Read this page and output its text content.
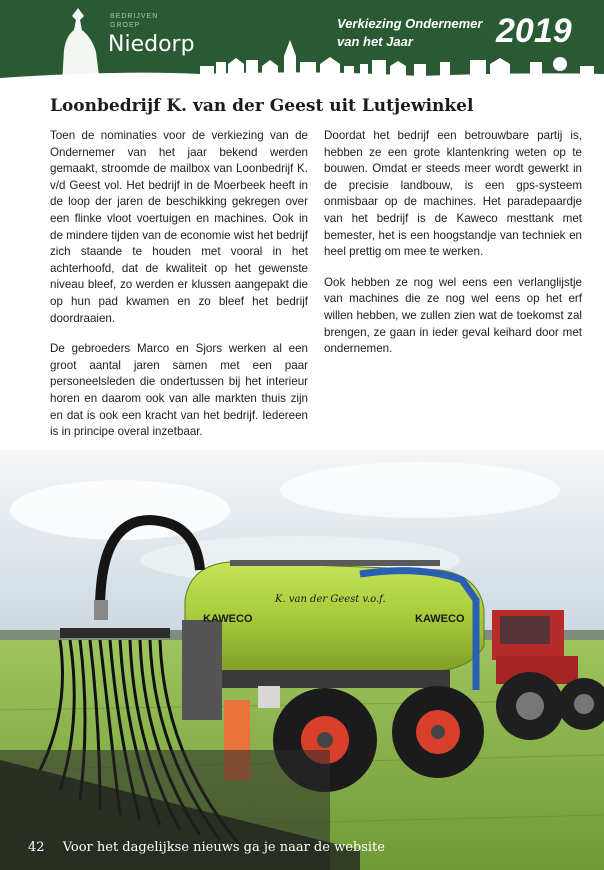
BEDRIJVEN
GROEP
Niedorp
Verkiezing Ondernemer
van het Jaar	2019
Loonbedrijf K. van der Geest uit Lutjewinkel

Toen de nominaties voor de verkiezing van de Ondernemer van het jaar bekend werden gemaakt, stroomde de mailbox van Loonbedrijf K. v/d Geest vol. Het bedrijf in de Moerbeek heeft in de loop der jaren de beschikking gekregen over een flinke vloot voertuigen en machines. Ook in de mindere tijden van de economie wist het bedrijf zich staande te houden met vooral in het achterhoofd, dat de kwaliteit op het gewenste niveau bleef, zo werden er klussen aangepakt die op hun pad kwamen en zo bleef het bedrijf doordraaien.

De gebroeders Marco en Sjors werken al een groot aantal jaren samen met een paar personeelsleden die ondertussen bij het interieur horen en daarom ook van alle markten thuis zijn en dat is ook een kracht van het bedrijf. Iedereen is in principe overal inzetbaar.

Doordat het bedrijf een betrouwbare partij is, hebben ze een grote klantenkring weten op te bouwen. Omdat er steeds meer wordt gewerkt in de precisie landbouw, is een gps-systeem onmisbaar op de machines. Het paradepaardje van het bedrijf is de Kaweco mesttank met bemester, het is een hoogstandje van techniek en heel prettig om mee te werken.

Ook hebben ze nog wel eens een verlanglijstje van machines die ze nog wel eens op het erf willen hebben, we zullen zien wat de toekomst zal brengen, ze gaan in ieder geval keihard door met ondernemen.

KAWECO	KAWECO
K. van der Geest v.o.f.
42 Voor het dagelijkse nieuws ga je naar de website
